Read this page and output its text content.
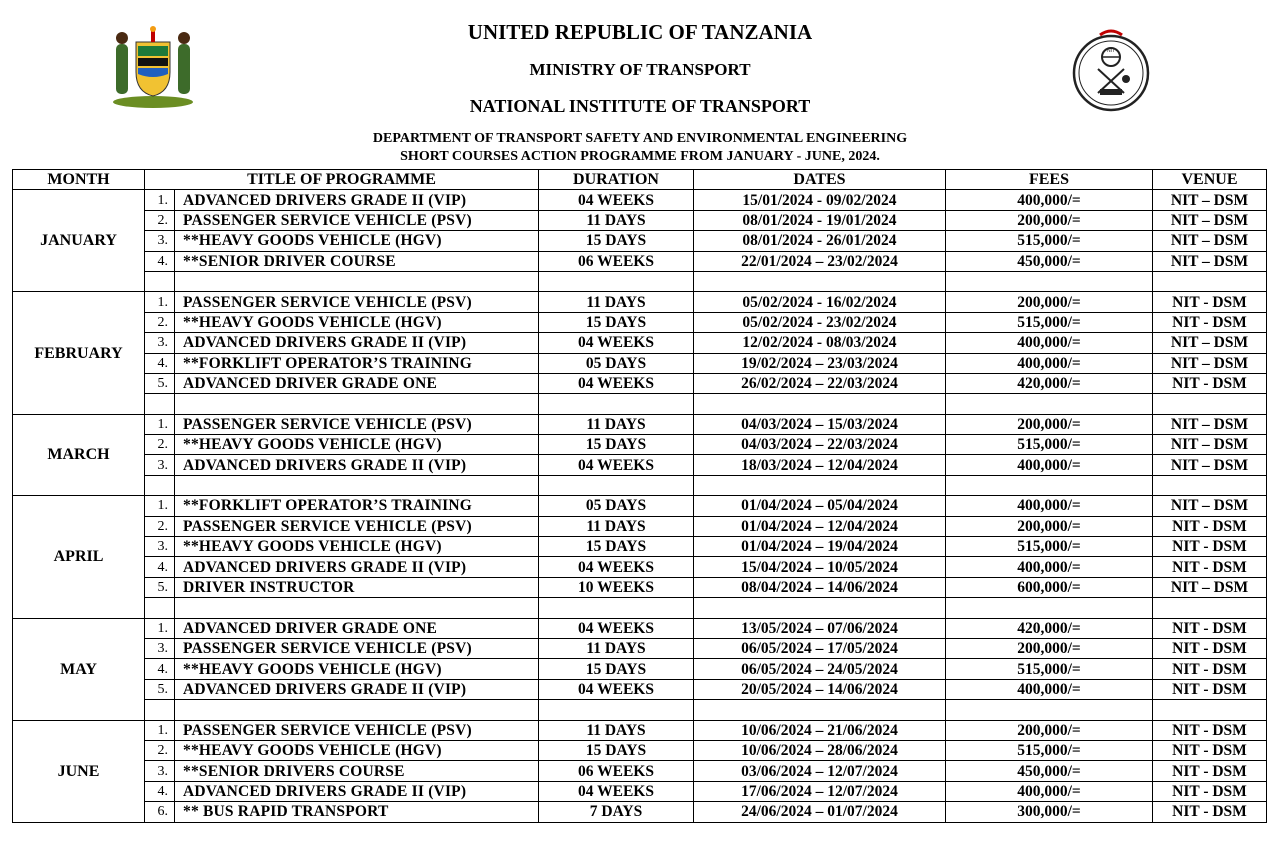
NIT
UNITED REPUBLIC OF TANZANIA
MINISTRY OF TRANSPORT
NATIONAL INSTITUTE OF TRANSPORT
DEPARTMENT OF TRANSPORT SAFETY AND ENVIRONMENTAL ENGINEERING
SHORT COURSES ACTION PROGRAMME FROM JANUARY - JUNE, 2024.
MONTH	TITLE OF PROGRAMME		DURATION	DATES	FEES	VENUE
JANUARY	1.	ADVANCED DRIVERS GRADE II (VIP)	04 WEEKS	15/01/2024 - 09/02/2024	400,000/=	NIT – DSM
	2.	PASSENGER SERVICE VEHICLE (PSV)	11 DAYS	08/01/2024 - 19/01/2024	200,000/=	NIT – DSM
	3.	**HEAVY GOODS VEHICLE (HGV)	15 DAYS	08/01/2024 - 26/01/2024	515,000/=	NIT – DSM
	4.	**SENIOR DRIVER COURSE	06 WEEKS	22/01/2024 – 23/02/2024	450,000/=	NIT – DSM

FEBRUARY	1.	PASSENGER SERVICE VEHICLE (PSV)	11 DAYS	05/02/2024 - 16/02/2024	200,000/=	NIT - DSM
	2.	**HEAVY GOODS VEHICLE (HGV)	15 DAYS	05/02/2024 - 23/02/2024	515,000/=	NIT - DSM
	3.	ADVANCED DRIVERS GRADE II (VIP)	04 WEEKS	12/02/2024 - 08/03/2024	400,000/=	NIT – DSM
	4.	**FORKLIFT OPERATOR’S TRAINING	05 DAYS	19/02/2024 – 23/03/2024	400,000/=	NIT – DSM
	5.	ADVANCED DRIVER GRADE ONE	04 WEEKS	26/02/2024 – 22/03/2024	420,000/=	NIT - DSM

MARCH	1.	PASSENGER SERVICE VEHICLE (PSV)	11 DAYS	04/03/2024 – 15/03/2024	200,000/=	NIT – DSM
	2.	**HEAVY GOODS VEHICLE (HGV)	15 DAYS	04/03/2024 – 22/03/2024	515,000/=	NIT – DSM
	3.	ADVANCED DRIVERS GRADE II (VIP)	04 WEEKS	18/03/2024 – 12/04/2024	400,000/=	NIT – DSM

APRIL	1.	**FORKLIFT OPERATOR’S TRAINING	05 DAYS	01/04/2024 – 05/04/2024	400,000/=	NIT – DSM
	2.	PASSENGER SERVICE VEHICLE (PSV)	11 DAYS	01/04/2024 – 12/04/2024	200,000/=	NIT - DSM
	3.	**HEAVY GOODS VEHICLE (HGV)	15 DAYS	01/04/2024 – 19/04/2024	515,000/=	NIT - DSM
	4.	ADVANCED DRIVERS GRADE II (VIP)	04 WEEKS	15/04/2024 – 10/05/2024	400,000/=	NIT - DSM
	5.	DRIVER INSTRUCTOR	10 WEEKS	08/04/2024 – 14/06/2024	600,000/=	NIT – DSM

MAY	1.	ADVANCED DRIVER GRADE ONE	04 WEEKS	13/05/2024 – 07/06/2024	420,000/=	NIT - DSM
	3.	PASSENGER SERVICE VEHICLE (PSV)	11 DAYS	06/05/2024 – 17/05/2024	200,000/=	NIT - DSM
	4.	**HEAVY GOODS VEHICLE (HGV)	15 DAYS	06/05/2024 – 24/05/2024	515,000/=	NIT - DSM
	5.	ADVANCED DRIVERS GRADE II (VIP)	04 WEEKS	20/05/2024 – 14/06/2024	400,000/=	NIT - DSM

JUNE	1.	PASSENGER SERVICE VEHICLE (PSV)	11 DAYS	10/06/2024 – 21/06/2024	200,000/=	NIT - DSM
	2.	**HEAVY GOODS VEHICLE (HGV)	15 DAYS	10/06/2024 – 28/06/2024	515,000/=	NIT - DSM
	3.	**SENIOR DRIVERS COURSE	06 WEEKS	03/06/2024 – 12/07/2024	450,000/=	NIT - DSM
	4.	ADVANCED DRIVERS GRADE II (VIP)	04 WEEKS	17/06/2024 – 12/07/2024	400,000/=	NIT - DSM
	6.	** BUS RAPID TRANSPORT	7 DAYS	24/06/2024 – 01/07/2024	300,000/=	NIT - DSM
